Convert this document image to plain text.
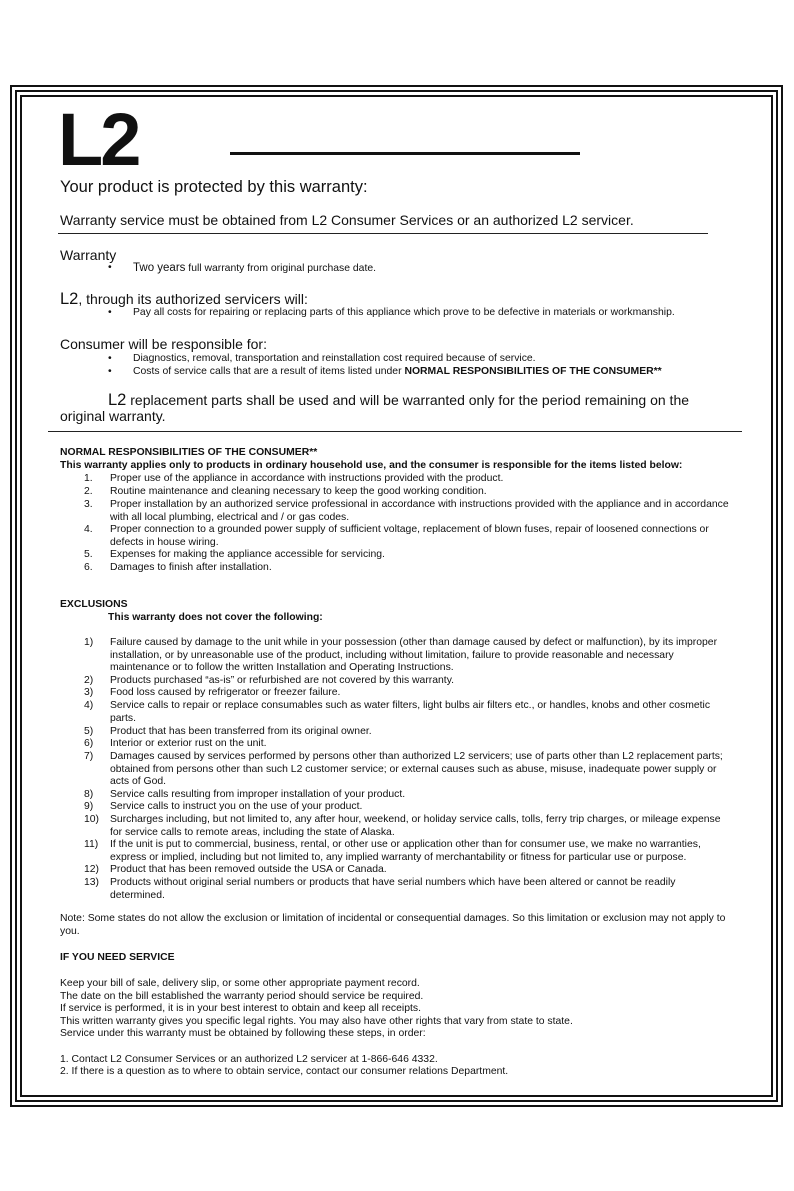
L2
Your product is protected by this warranty:
Warranty service must be obtained from L2 Consumer Services or an authorized L2 servicer.
Warranty
• Two years full warranty from original purchase date.
L2, through its authorized servicers will:
• Pay all costs for repairing or replacing parts of this appliance which prove to be defective in materials or workmanship.
Consumer will be responsible for:
• Diagnostics, removal, transportation and reinstallation cost required because of service.
• Costs of service calls that are a result of items listed under NORMAL RESPONSIBILITIES OF THE CONSUMER**
L2 replacement parts shall be used and will be warranted only for the period remaining on the
original warranty.
NORMAL RESPONSIBILITIES OF THE CONSUMER**
This warranty applies only to products in ordinary household use, and the consumer is responsible for the items listed below:
1. Proper use of the appliance in accordance with instructions provided with the product.
2. Routine maintenance and cleaning necessary to keep the good working condition.
3. Proper installation by an authorized service professional in accordance with instructions provided with the appliance and in accordance with all local plumbing, electrical and / or gas codes.
4. Proper connection to a grounded power supply of sufficient voltage, replacement of blown fuses, repair of loosened connections or defects in house wiring.
5. Expenses for making the appliance accessible for servicing.
6. Damages to finish after installation.
EXCLUSIONS
This warranty does not cover the following:
1) Failure caused by damage to the unit while in your possession (other than damage caused by defect or malfunction), by its improper installation, or by unreasonable use of the product, including without limitation, failure to provide reasonable and necessary maintenance or to follow the written Installation and Operating Instructions.
2) Products purchased “as-is” or refurbished are not covered by this warranty.
3) Food loss caused by refrigerator or freezer failure.
4) Service calls to repair or replace consumables such as water filters, light bulbs air filters etc., or handles, knobs and other cosmetic parts.
5) Product that has been transferred from its original owner.
6) Interior or exterior rust on the unit.
7) Damages caused by services performed by persons other than authorized L2 servicers; use of parts other than L2 replacement parts; obtained from persons other than such L2 customer service; or external causes such as abuse, misuse, inadequate power supply or acts of God.
8) Service calls resulting from improper installation of your product.
9) Service calls to instruct you on the use of your product.
10) Surcharges including, but not limited to, any after hour, weekend, or holiday service calls, tolls, ferry trip charges, or mileage expense for service calls to remote areas, including the state of Alaska.
11) If the unit is put to commercial, business, rental, or other use or application other than for consumer use, we make no warranties, express or implied, including but not limited to, any implied warranty of merchantability or fitness for particular use or purpose.
12) Product that has been removed outside the USA or Canada.
13) Products without original serial numbers or products that have serial numbers which have been altered or cannot be readily determined.
Note: Some states do not allow the exclusion or limitation of incidental or consequential damages. So this limitation or exclusion may not apply to you.
IF YOU NEED SERVICE
Keep your bill of sale, delivery slip, or some other appropriate payment record.
The date on the bill established the warranty period should service be required.
If service is performed, it is in your best interest to obtain and keep all receipts.
This written warranty gives you specific legal rights. You may also have other rights that vary from state to state.
Service under this warranty must be obtained by following these steps, in order:
1. Contact L2 Consumer Services or an authorized L2 servicer at 1-866-646 4332.
2. If there is a question as to where to obtain service, contact our consumer relations Department.
